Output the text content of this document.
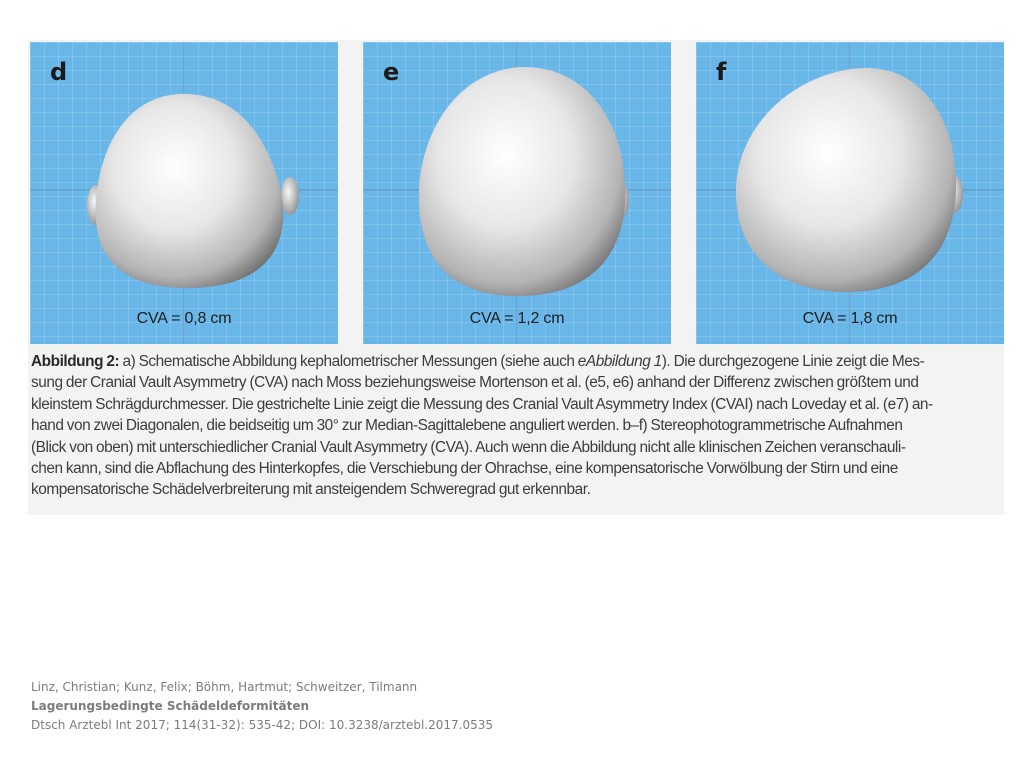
d
CVA = 0,8 cm
e
CVA = 1,2 cm
f
CVA = 1,8 cm
Abbildung 2: a) Schematische Abbildung kephalometrischer Messungen (siehe auch eAbbildung 1). Die durchgezogene Linie zeigt die Mes-
sung der Cranial Vault Asymmetry (CVA) nach Moss beziehungsweise Mortenson et al. (e5, e6) anhand der Differenz zwischen größtem und
kleinstem Schrägdurchmesser. Die gestrichelte Linie zeigt die Messung des Cranial Vault Asymmetry Index (CVAI) nach Loveday et al. (e7) an-
hand von zwei Diagonalen, die beidseitig um 30° zur Median-Sagittalebene anguliert werden. b–f) Stereophotogrammetrische Aufnahmen
(Blick von oben) mit unterschiedlicher Cranial Vault Asymmetry (CVA). Auch wenn die Abbildung nicht alle klinischen Zeichen veranschauli-
chen kann, sind die Abflachung des Hinterkopfes, die Verschiebung der Ohrachse, eine kompensatorische Vorwölbung der Stirn und eine
kompensatorische Schädelverbreiterung mit ansteigendem Schweregrad gut erkennbar.
Linz, Christian; Kunz, Felix; Böhm, Hartmut; Schweitzer, Tilmann
Lagerungsbedingte Schädeldeformitäten
Dtsch Arztebl Int 2017; 114(31-32): 535-42; DOI: 10.3238/arztebl.2017.0535
